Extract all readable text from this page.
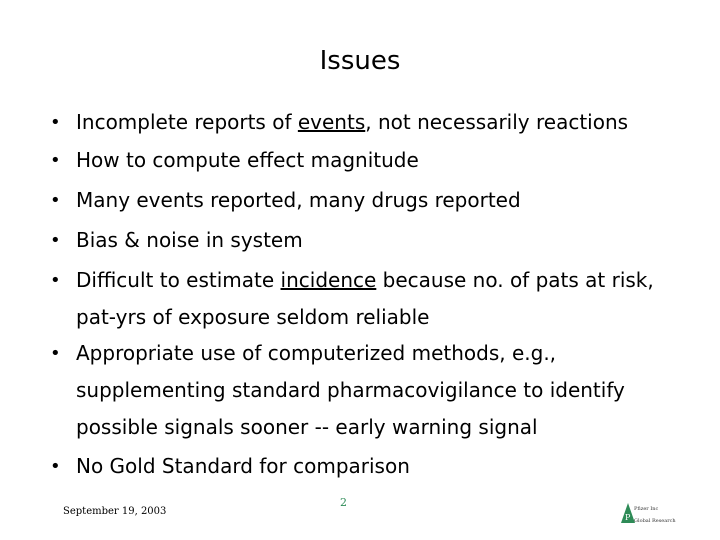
Issues
• Incomplete reports of events, not necessarily reactions
• How to compute effect magnitude
• Many events reported, many drugs reported
• Bias & noise in system
• Difficult to estimate incidence because no. of pats at risk,
pat-yrs of exposure seldom reliable
• Appropriate use of computerized methods, e.g.,
supplementing standard pharmacovigilance to identify
possible signals sooner -- early warning signal
• No Gold Standard for comparison
September 19, 2003
2
P
Pfizer Inc
Global Research
